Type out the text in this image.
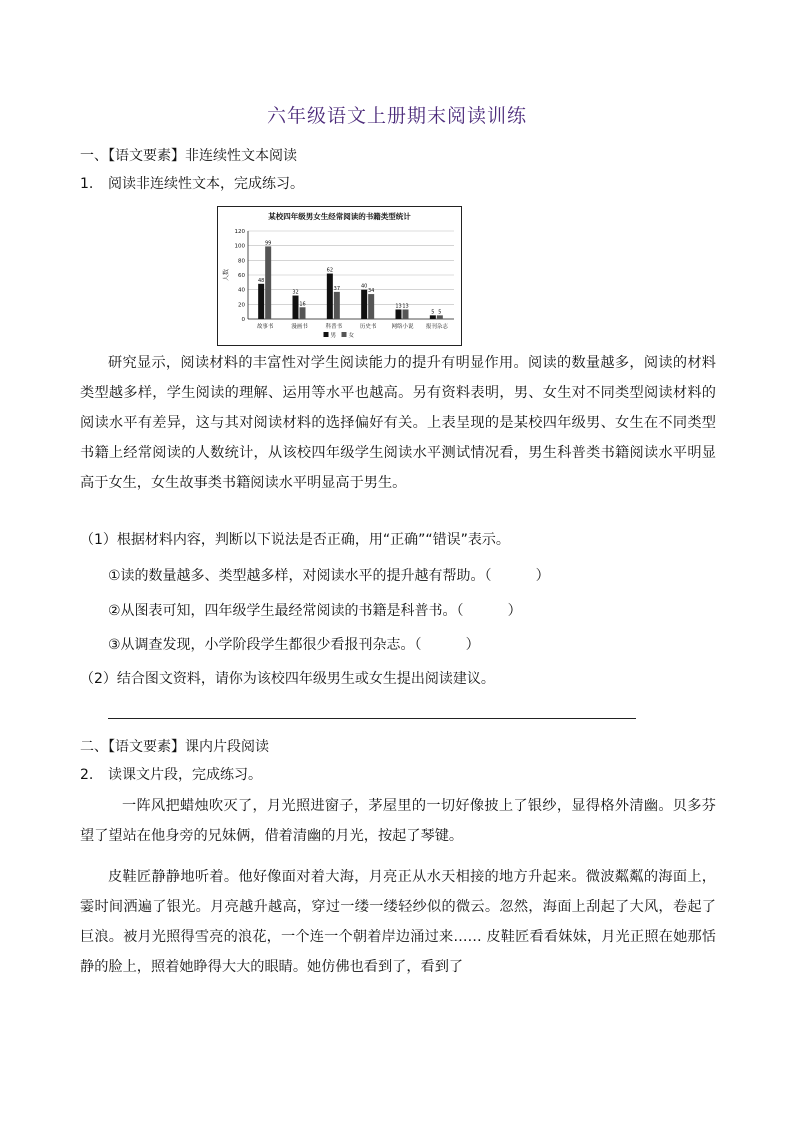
六年级语文上册期末阅读训练
一、【语文要素】非连续性文本阅读
1. 阅读非连续性文本，完成练习。
某校四年级男女生经常阅读的书籍类型统计
人数
0
20
40
60
80
100
120
48
99
故事书
32
16
漫画书
62
37
科普书
40
34
历史书
13 13
网络小说
5 5
报刊杂志
男 女
研究显示，阅读材料的丰富性对学生阅读能力的提升有明显作用。阅读的数量越多，阅读的材料类型越多样，学生阅读的理解、运用等水平也越高。另有资料表明，男、女生对不同类型阅读材料的阅读水平有差异，这与其对阅读材料的选择偏好有关。上表呈现的是某校四年级男、女生在不同类型书籍上经常阅读的人数统计，从该校四年级学生阅读水平测试情况看，男生科普类书籍阅读水平明显高于女生，女生故事类书籍阅读水平明显高于男生。
（1）根据材料内容，判断以下说法是否正确，用“正确”“错误”表示。
①读的数量越多、类型越多样，对阅读水平的提升越有帮助。（	）
②从图表可知，四年级学生最经常阅读的书籍是科普书。（	）
③从调查发现，小学阶段学生都很少看报刊杂志。（	）
（2）结合图文资料，请你为该校四年级男生或女生提出阅读建议。
二、【语文要素】课内片段阅读
2. 读课文片段，完成练习。
一阵风把蜡烛吹灭了，月光照进窗子，茅屋里的一切好像披上了银纱，显得格外清幽。贝多芬望了望站在他身旁的兄妹俩，借着清幽的月光，按起了琴键。
皮鞋匠静静地听着。他好像面对着大海，月亮正从水天相接的地方升起来。微波粼粼的海面上，霎时间洒遍了银光。月亮越升越高，穿过一缕一缕轻纱似的微云。忽然，海面上刮起了大风，卷起了巨浪。被月光照得雪亮的浪花，一个连一个朝着岸边涌过来…… 皮鞋匠看看妹妹，月光正照在她那恬静的脸上，照着她睁得大大的眼睛。她仿佛也看到了，看到了
